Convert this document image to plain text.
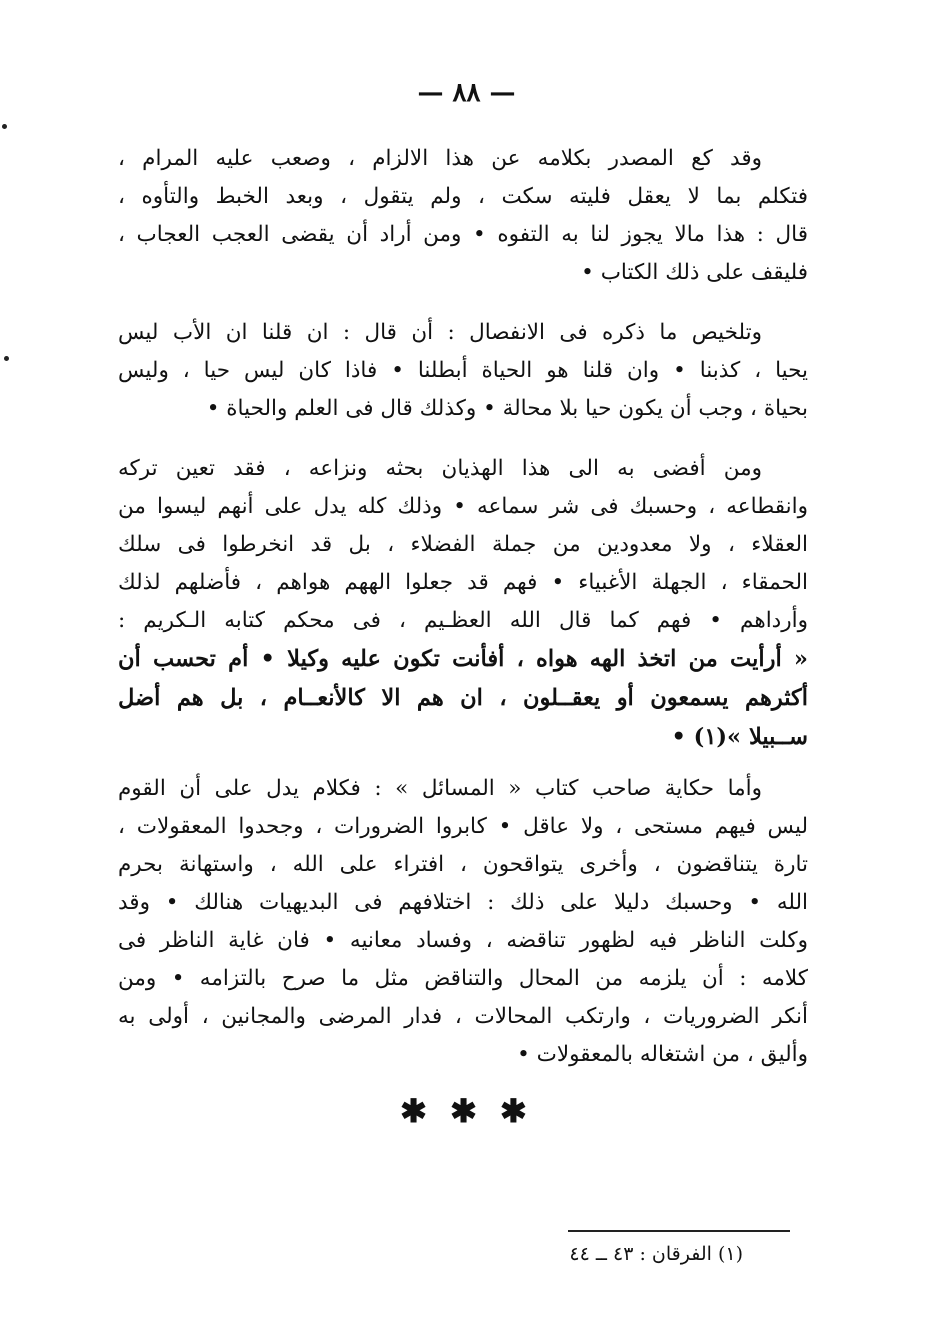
— ٨٨ —
وقد كع المصدر بكلامه عن هذا الالزام ، وصعب عليه المرام ،
فتكلم بما لا يعقل فليته سكت ، ولم يتقول ، وبعد الخبط والتأوه ،
قال : هذا مالا يجوز لنا به التفوه • ومن أراد أن يقضى العجب العجاب ،
فليقف على ذلك الكتاب •
وتلخيص ما ذكره فى الانفصال : أن قال : ان قلنا ان الأب ليس
يحيا ، كذبنا • وان قلنا هو الحياة أبطلنا • فاذا كان ليس حيا ، وليس
بحياة ، وجب أن يكون حيا بلا محالة • وكذلك قال فى العلم والحياة •
ومن أفضى به الى هذا الهذيان بحثه ونزاعه ، فقد تعين تركه
وانقطاعه ، وحسبك فى شر سماعه • وذلك كله يدل على أنهم ليسوا من
العقلاء ، ولا معدودين من جملة الفضلاء ، بل قد انخرطوا فى سلك
الحمقاء ، الجهلة الأغبياء • فهم قد جعلوا الههم هواهم ، فأضلهم لذلك
وأرداهم • فهم كما قال الله العظـيم ، فى محكم كتابه الـكريم :
« أرأيت من اتخذ الهه هواه ، أفأنت تكون عليه وكيلا • أم تحسب أن
أكثرهم يسمعون أو يعقــلون ، ان هم الا كالأنعــام ، بل هم أضل
ســبيلا »(١) •
وأما حكاية صاحب كتاب « المسائل » : فكلام يدل على أن القوم
ليس فيهم مستحى ، ولا عاقل • كابروا الضرورات ، وجحدوا المعقولات ،
تارة يتناقضون ، وأخرى يتواقحون ، افتراء على الله ، واستهانة بحرم
الله • وحسبك دليلا على ذلك : اختلافهم فى البديهيات هنالك • وقد
وكلت الناظر فيه لظهور تناقضه ، وفساد معانيه • فان غاية الناظر فى
كلامه : أن يلزمه من المحال والتناقض مثل ما صرح بالتزامه • ومن
أنكر الضروريات ، وارتكب المحالات ، فدار المرضى والمجانين ، أولى به
وأليق ، من اشتغاله بالمعقولات •
✱ ✱ ✱
(١) الفرقان : ٤٣ ــ ٤٤
